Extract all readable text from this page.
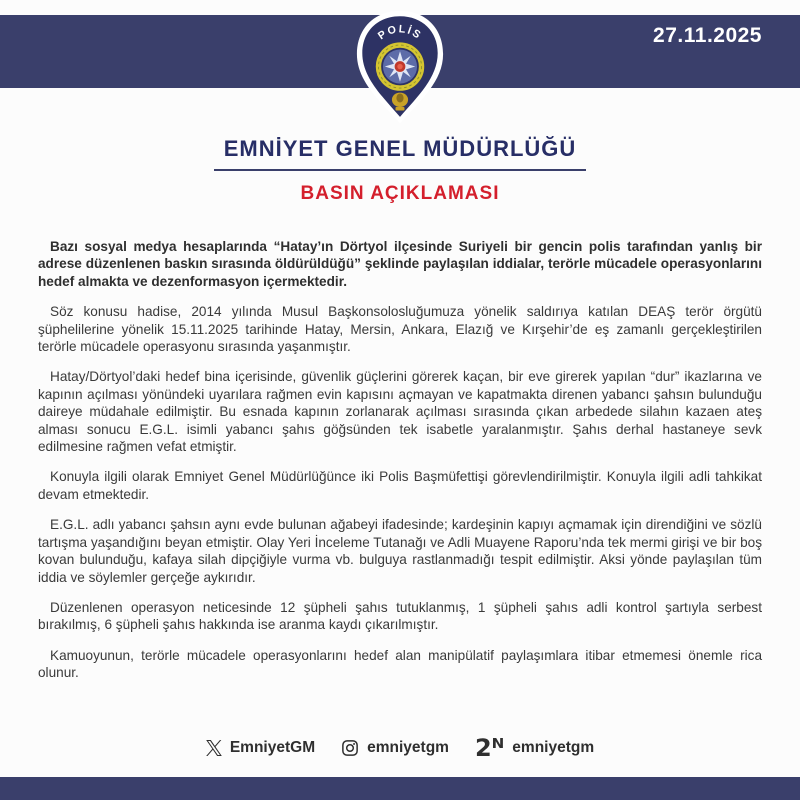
27.11.2025
POLİS
EMNİYET GENEL MÜDÜRLÜĞÜ
BASIN AÇIKLAMASI

Bazı sosyal medya hesaplarında “Hatay’ın Dörtyol ilçesinde Suriyeli bir gencin polis tarafından yanlış bir adrese düzenlenen baskın sırasında öldürüldüğü” şeklinde paylaşılan iddialar, terörle mücadele operasyonlarını hedef almakta ve dezenformasyon içermektedir.

Söz konusu hadise, 2014 yılında Musul Başkonsolosluğumuza yönelik saldırıya katılan DEAŞ terör örgütü şüphelilerine yönelik 15.11.2025 tarihinde Hatay, Mersin, Ankara, Elazığ ve Kırşehir’de eş zamanlı gerçekleştirilen terörle mücadele operasyonu sırasında yaşanmıştır.

Hatay/Dörtyol’daki hedef bina içerisinde, güvenlik güçlerini görerek kaçan, bir eve girerek yapılan “dur” ikazlarına ve kapının açılması yönündeki uyarılara rağmen evin kapısını açmayan ve kapatmakta direnen yabancı şahsın bulunduğu daireye müdahale edilmiştir. Bu esnada kapının zorlanarak açılması sırasında çıkan arbedede silahın kazaen ateş alması sonucu E.G.L. isimli yabancı şahıs göğsünden tek isabetle yaralanmıştır. Şahıs derhal hastaneye sevk edilmesine rağmen vefat etmiştir.

Konuyla ilgili olarak Emniyet Genel Müdürlüğünce iki Polis Başmüfettişi görevlendirilmiştir. Konuyla ilgili adli tahkikat devam etmektedir.

E.G.L. adlı yabancı şahsın aynı evde bulunan ağabeyi ifadesinde; kardeşinin kapıyı açmamak için direndiğini ve sözlü tartışma yaşandığını beyan etmiştir. Olay Yeri İnceleme Tutanağı ve Adli Muayene Raporu’nda tek mermi girişi ve bir boş kovan bulunduğu, kafaya silah dipçiğiyle vurma vb. bulguya rastlanmadığı tespit edilmiştir. Aksi yönde paylaşılan tüm iddia ve söylemler gerçeğe aykırıdır.

Düzenlenen operasyon neticesinde 12 şüpheli şahıs tutuklanmış, 1 şüpheli şahıs adli kontrol şartıyla serbest bırakılmış, 6 şüpheli şahıs hakkında ise aranma kaydı çıkarılmıştır.

Kamuoyunun, terörle mücadele operasyonlarını hedef alan manipülatif paylaşımlara itibar etmemesi önemle rica olunur.

EmniyetGM	emniyetgm 2ᴺ emniyetgm
